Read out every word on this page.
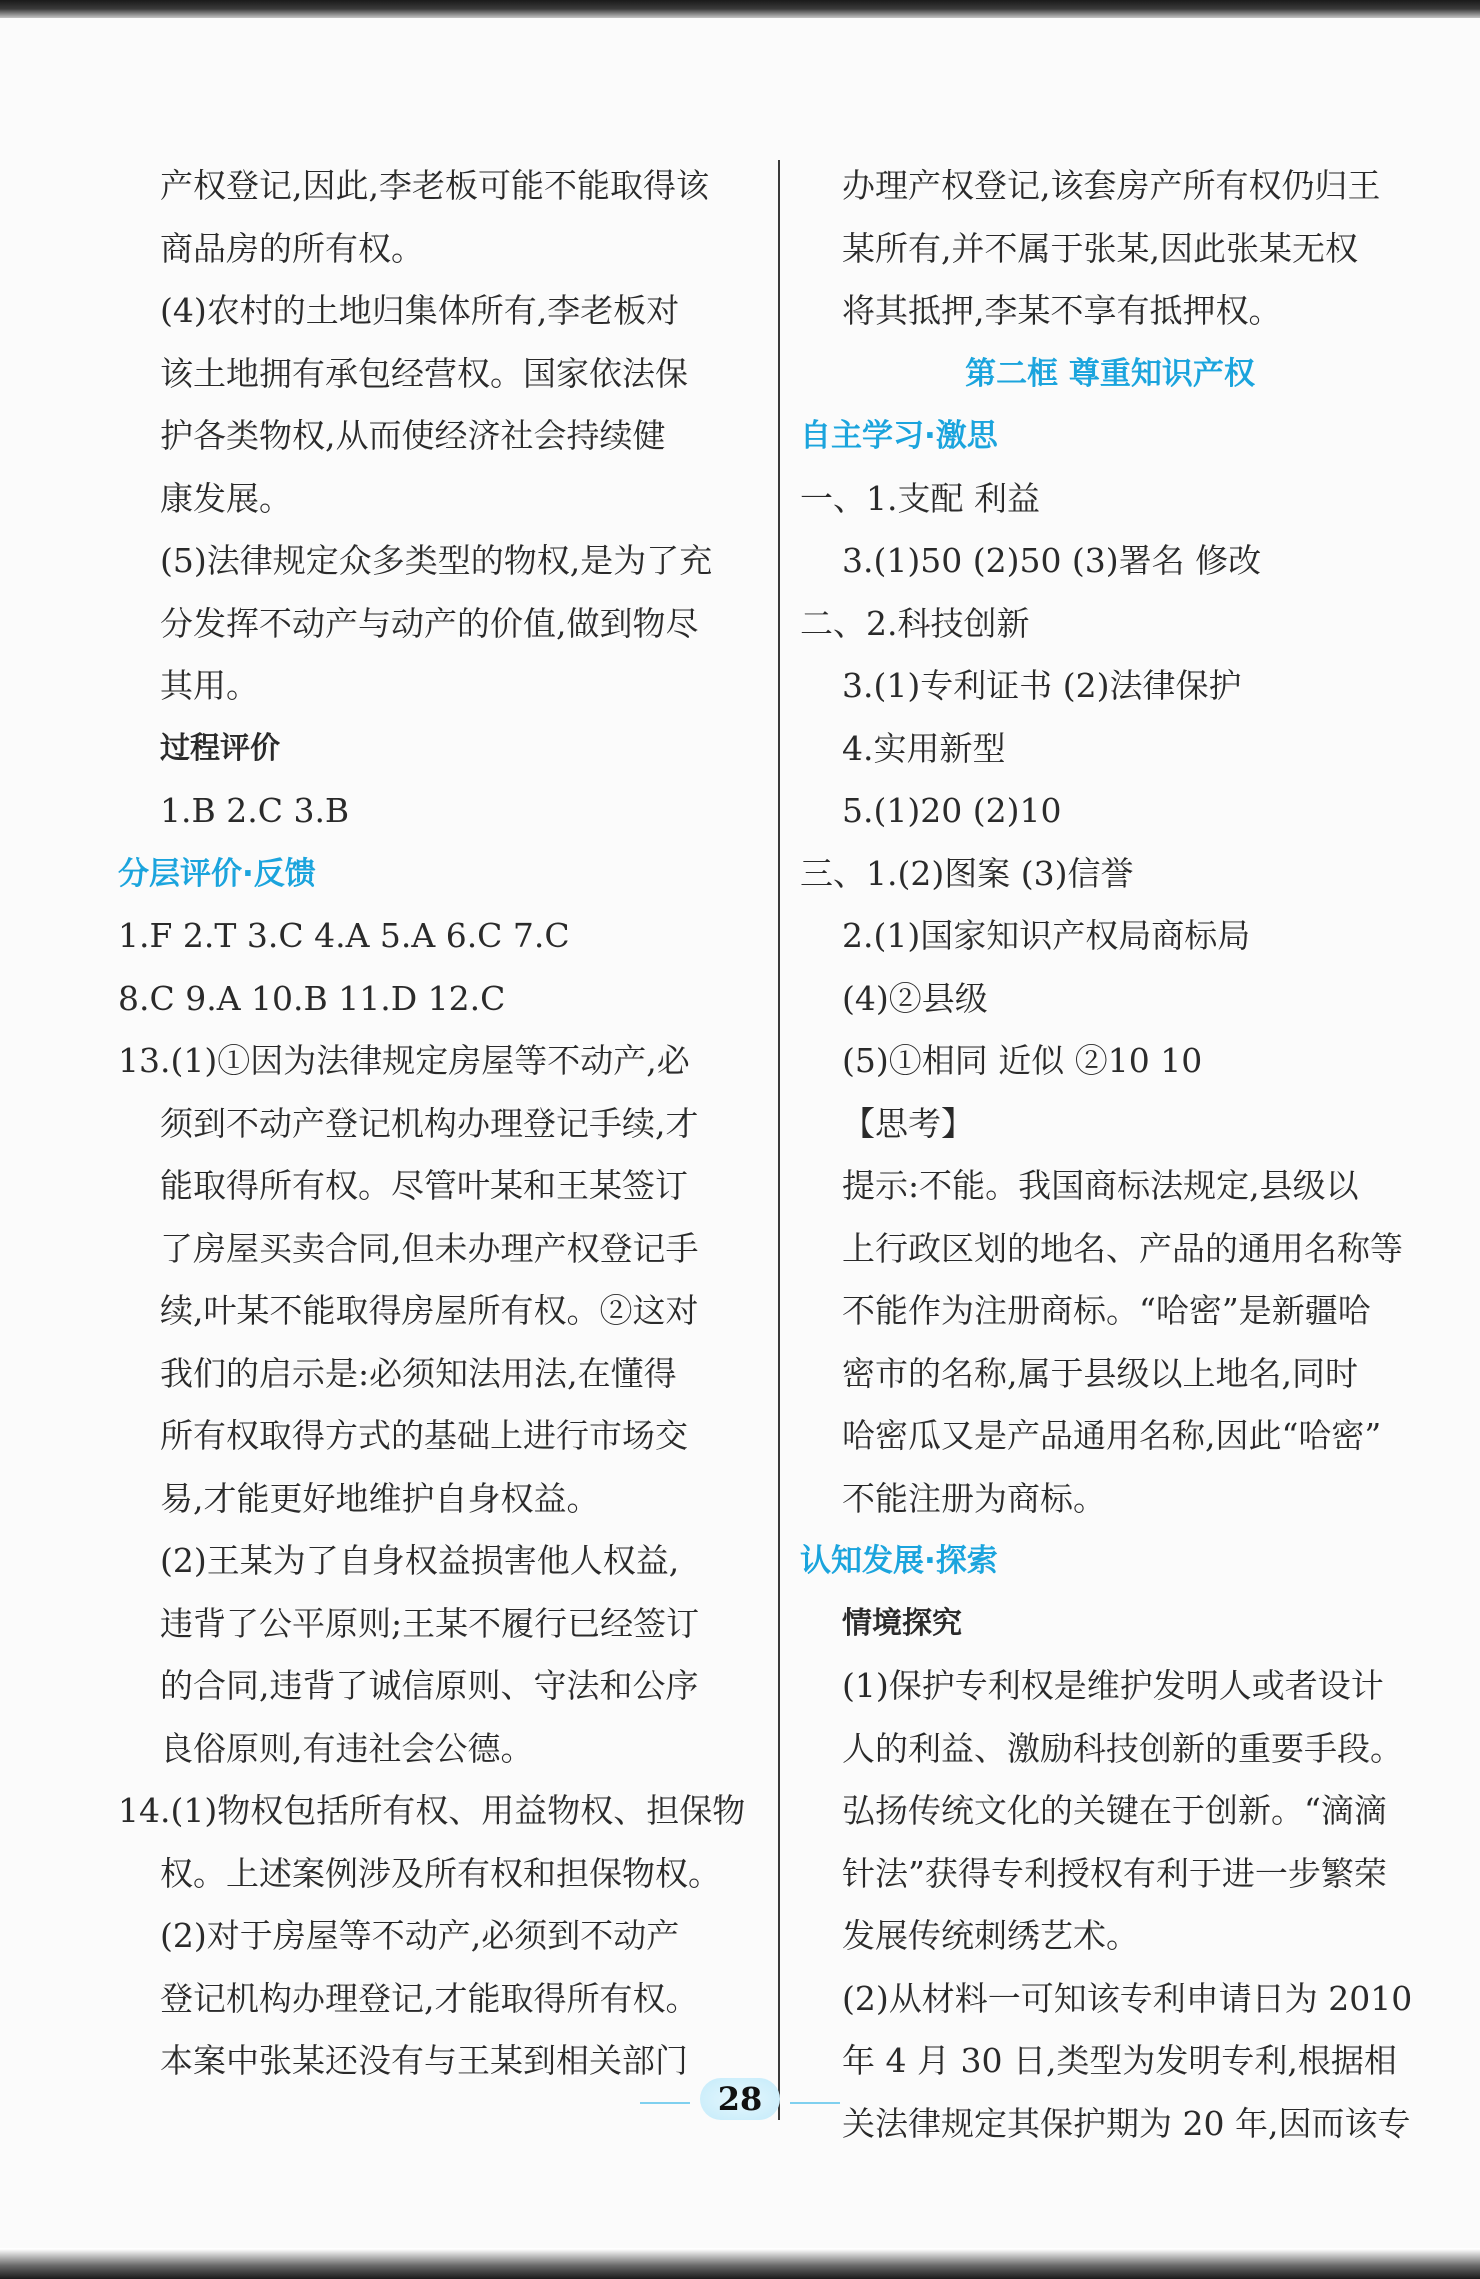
产权登记,因此,李老板可能不能取得该
商品房的所有权。
(4)农村的土地归集体所有,李老板对
该土地拥有承包经营权。国家依法保
护各类物权,从而使经济社会持续健
康发展。
(5)法律规定众多类型的物权,是为了充
分发挥不动产与动产的价值,做到物尽
其用。
过程评价
1.B 2.C 3.B
分层评价·反馈
1.F 2.T 3.C 4.A 5.A 6.C 7.C
8.C 9.A 10.B 11.D 12.C
13.(1)①因为法律规定房屋等不动产,必
须到不动产登记机构办理登记手续,才
能取得所有权。尽管叶某和王某签订
了房屋买卖合同,但未办理产权登记手
续,叶某不能取得房屋所有权。②这对
我们的启示是:必须知法用法,在懂得
所有权取得方式的基础上进行市场交
易,才能更好地维护自身权益。
(2)王某为了自身权益损害他人权益,
违背了公平原则;王某不履行已经签订
的合同,违背了诚信原则、守法和公序
良俗原则,有违社会公德。
14.(1)物权包括所有权、用益物权、担保物
权。上述案例涉及所有权和担保物权。
(2)对于房屋等不动产,必须到不动产
登记机构办理登记,才能取得所有权。
本案中张某还没有与王某到相关部门
办理产权登记,该套房产所有权仍归王
某所有,并不属于张某,因此张某无权
将其抵押,李某不享有抵押权。
第二框 尊重知识产权
自主学习·激思
一、1.支配 利益
3.(1)50 (2)50 (3)署名 修改
二、2.科技创新
3.(1)专利证书 (2)法律保护
4.实用新型
5.(1)20 (2)10
三、1.(2)图案 (3)信誉
2.(1)国家知识产权局商标局
(4)②县级
(5)①相同 近似 ②10 10
【思考】
提示:不能。我国商标法规定,县级以
上行政区划的地名、产品的通用名称等
不能作为注册商标。“哈密”是新疆哈
密市的名称,属于县级以上地名,同时
哈密瓜又是产品通用名称,因此“哈密”
不能注册为商标。
认知发展·探索
情境探究
(1)保护专利权是维护发明人或者设计
人的利益、激励科技创新的重要手段。
弘扬传统文化的关键在于创新。“滴滴
针法”获得专利授权有利于进一步繁荣
发展传统刺绣艺术。
(2)从材料一可知该专利申请日为 2010
年 4 月 30 日,类型为发明专利,根据相
关法律规定其保护期为 20 年,因而该专
28
